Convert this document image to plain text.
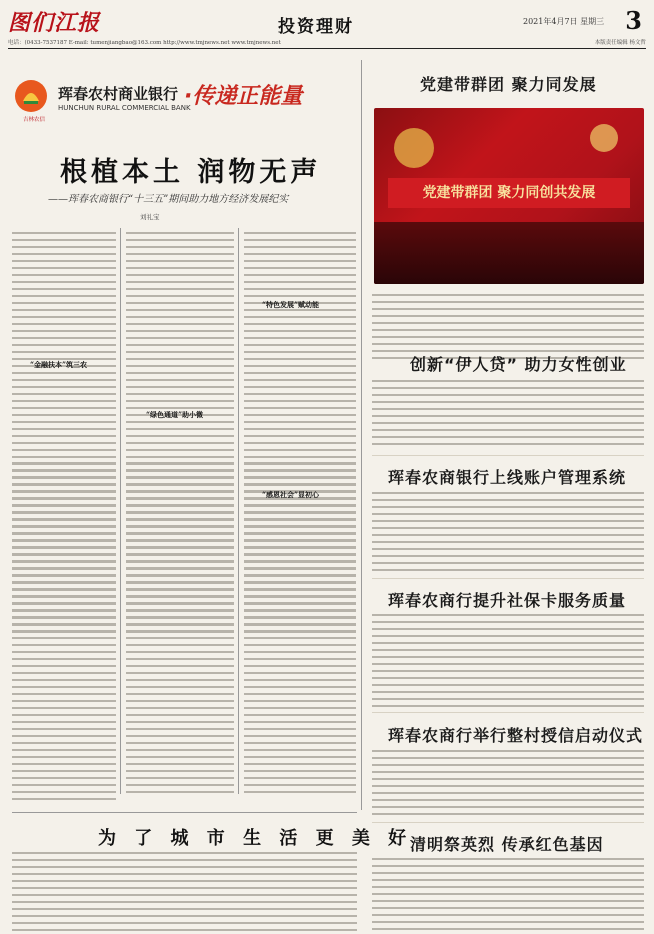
图们江报	投资理财	2021年4月7日 星期三 3
电话：(0433-7537187 E-mail: tumenjiangbao@163.com http://www.tmjnews.net www.tmjnews.net	本版责任编辑 杨文哲
吉林农信
珲春农村商业银行
HUNCHUN RURAL COMMERCIAL BANK
·传递正能量
根植本土 润物无声
——珲春农商银行“十三五”期间助力地方经济发展纪实
刘礼宝
“金融扶本”筑三农
“绿色通道”助小微
“特色发展”赋动能
“感恩社会”显初心
党建带群团 聚力同发展
党建带群团 聚力同创共发展
创新“伊人贷” 助力女性创业
珲春农商银行上线账户管理系统
珲春农商行提升社保卡服务质量
珲春农商行举行整村授信启动仪式
清明祭英烈 传承红色基因
为 了 城 市 生 活 更 美 好
